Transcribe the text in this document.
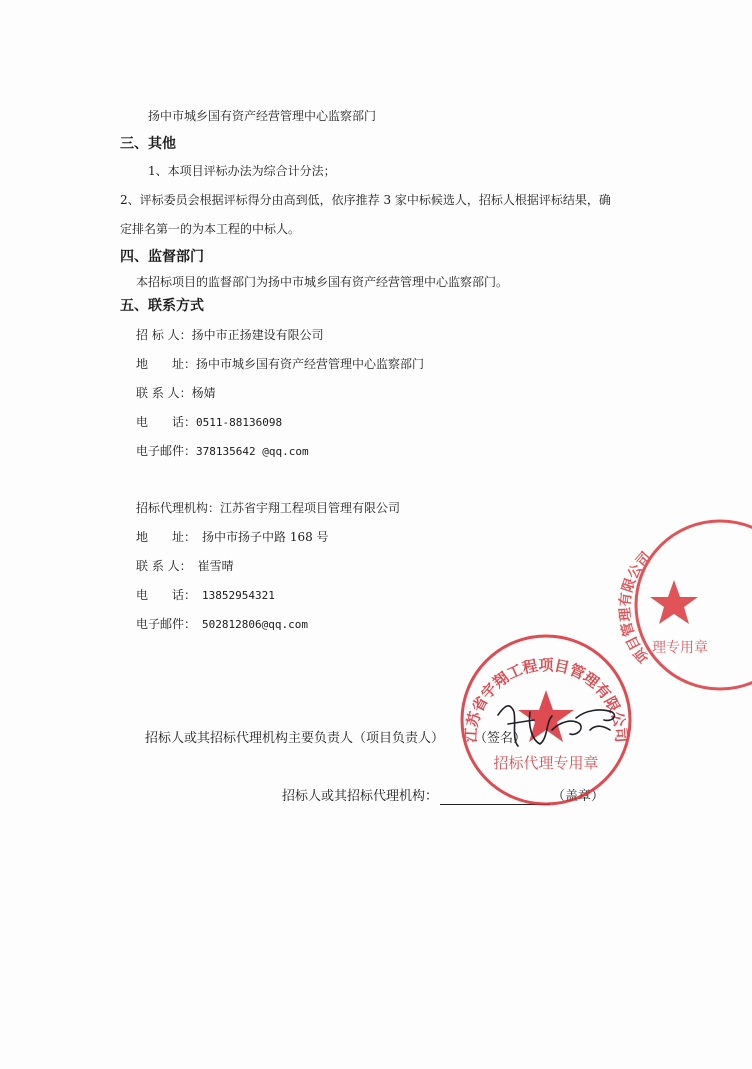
扬中市城乡国有资产经营管理中心监察部门
三、其他
1、本项目评标办法为综合计分法；
2、评标委员会根据评标得分由高到低，依序推荐 3 家中标候选人，招标人根据评标结果，确
定排名第一的为本工程的中标人。
四、监督部门
本招标项目的监督部门为扬中市城乡国有资产经营管理中心监察部门。
五、联系方式
招 标 人：扬中市正扬建设有限公司
地　　址：扬中市城乡国有资产经营管理中心监察部门
联 系 人：杨婧
电　　话：0511-88136098
电子邮件：378135642 @qq.com
招标代理机构：江苏省宇翔工程项目管理有限公司
地　　址： 扬中市扬子中路 168 号
联 系 人： 崔雪晴
电　　话： 13852954321
电子邮件： 502812806@qq.com
招标人或其招标代理机构主要负责人（项目负责人） （签名）
招标人或其招标代理机构：	（盖章）
江苏省宇翔工程项目管理有限公司
招标代理专用章
项目管理有限公司
理专用章
